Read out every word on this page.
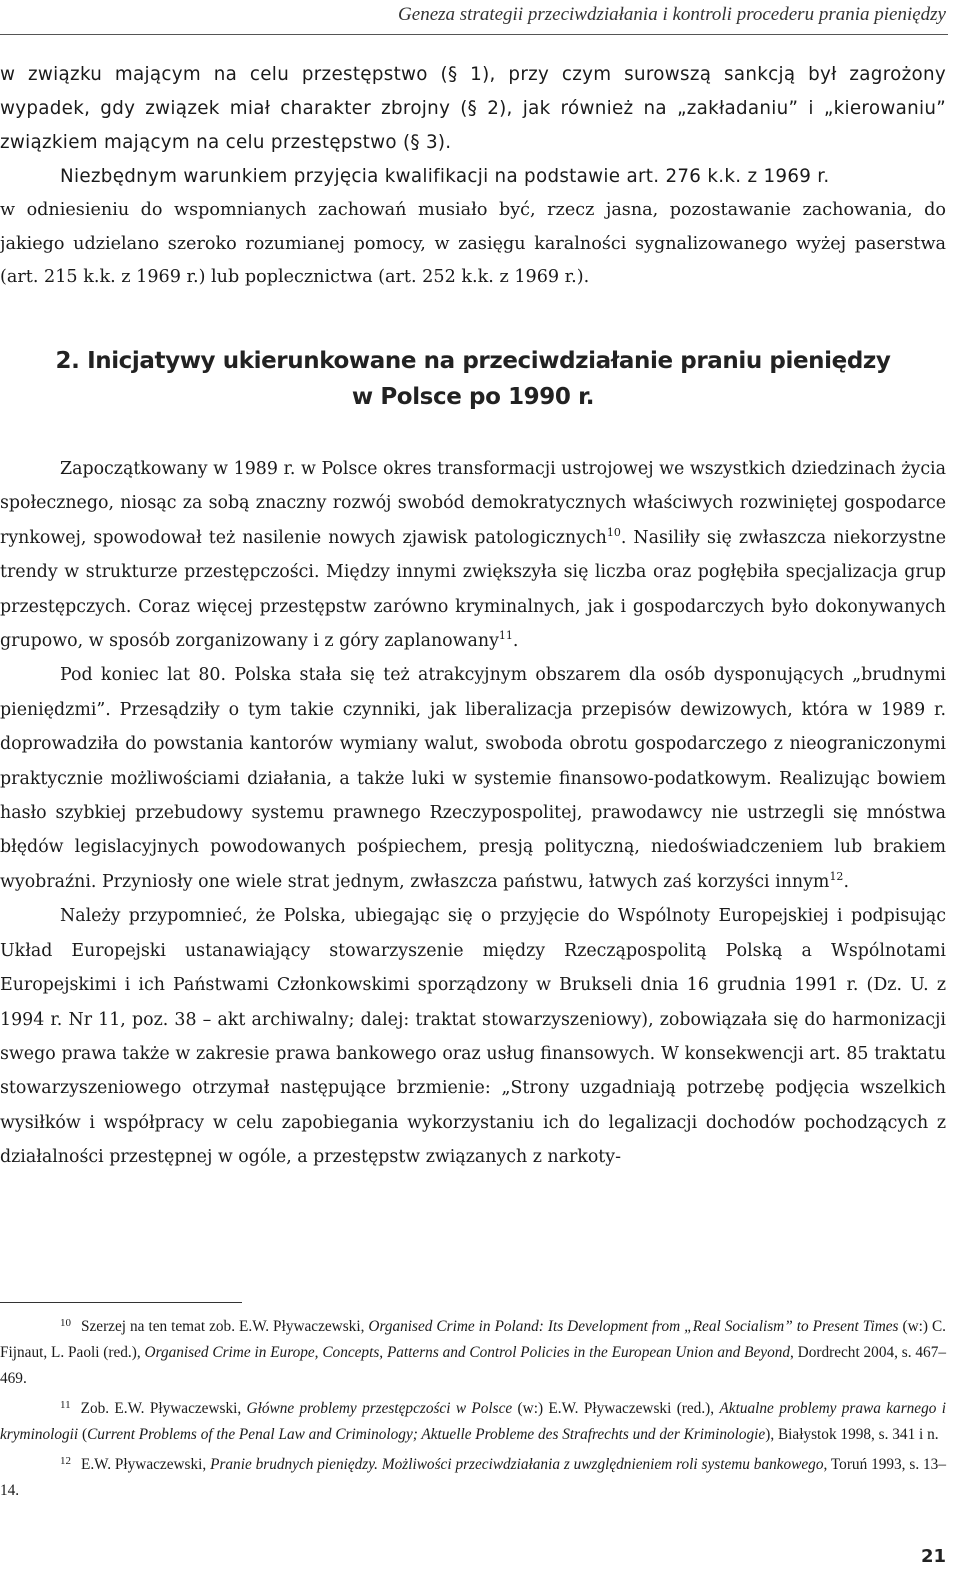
Geneza strategii przeciwdziałania i kontroli procederu prania pieniędzy

w związku mającym na celu przestępstwo (§ 1), przy czym surowszą sankcją był zagrożony wypadek, gdy związek miał charakter zbrojny (§ 2), jak również na „zakładaniu” i „kierowaniu” związkiem mającym na celu przestępstwo (§ 3).

Niezbędnym warunkiem przyjęcia kwalifikacji na podstawie art. 276 k.k. z 1969 r.

w odniesieniu do wspomnianych zachowań musiało być, rzecz jasna, pozostawanie zachowania, do jakiego udzielano szeroko rozumianej pomocy, w zasięgu karalności sygnalizowanego wyżej paserstwa (art. 215 k.k. z 1969 r.) lub poplecznictwa (art. 252 k.k. z 1969 r.).

2. Inicjatywy ukierunkowane na przeciwdziałanie praniu pieniędzy
w Polsce po 1990 r.

Zapoczątkowany w 1989 r. w Polsce okres transformacji ustrojowej we wszystkich dziedzinach życia społecznego, niosąc za sobą znaczny rozwój swobód demokratycznych właściwych rozwiniętej gospodarce rynkowej, spowodował też nasilenie nowych zjawisk patologicznych$^{10}$. Nasiliły się zwłaszcza niekorzystne trendy w strukturze przestępczości. Między innymi zwiększyła się liczba oraz pogłębiła specjalizacja grup przestępczych. Coraz więcej przestępstw zarówno kryminalnych, jak i gospodarczych było dokonywanych grupowo, w sposób zorganizowany i z góry zaplanowany$^{11}$.

Pod koniec lat 80. Polska stała się też atrakcyjnym obszarem dla osób dysponujących „brudnymi pieniędzmi”. Przesądziły o tym takie czynniki, jak liberalizacja przepisów dewizowych, która w 1989 r. doprowadziła do powstania kantorów wymiany walut, swoboda obrotu gospodarczego z nieograniczonymi praktycznie możliwościami działania, a także luki w systemie finansowo-podatkowym. Realizując bowiem hasło szybkiej przebudowy systemu prawnego Rzeczypospolitej, prawodawcy nie ustrzegli się mnóstwa błędów legislacyjnych powodowanych pośpiechem, presją polityczną, niedoświadczeniem lub brakiem wyobraźni. Przyniosły one wiele strat jednym, zwłaszcza państwu, łatwych zaś korzyści innym$^{12}$.

Należy przypomnieć, że Polska, ubiegając się o przyjęcie do Wspólnoty Europejskiej i podpisując Układ Europejski ustanawiający stowarzyszenie między Rzecząpospolitą Polską a Wspólnotami Europejskimi i ich Państwami Członkowskimi sporządzony w Brukseli dnia 16 grudnia 1991 r. (Dz. U. z 1994 r. Nr 11, poz. 38 – akt archiwalny; dalej: traktat stowarzyszeniowy), zobowiązała się do harmonizacji swego prawa także w zakresie prawa bankowego oraz usług finansowych. W konsekwencji art. 85 traktatu stowarzyszeniowego otrzymał następujące brzmienie: „Strony uzgadniają potrzebę podjęcia wszelkich wysiłków i współpracy w celu zapobiegania wykorzystaniu ich do legalizacji dochodów pochodzących z działalności przestępnej w ogóle, a przestępstw związanych z narkoty-

$^{10}$ Szerzej na ten temat zob. E.W. Pływaczewski, Organised Crime in Poland: Its Development from „Real Socialism” to Present Times (w:) C. Fijnaut, L. Paoli (red.), Organised Crime in Europe, Concepts, Patterns and Control Policies in the European Union and Beyond, Dordrecht 2004, s. 467–469.

$^{11}$ Zob. E.W. Pływaczewski, Główne problemy przestępczości w Polsce (w:) E.W. Pływaczewski (red.), Aktualne problemy prawa karnego i kryminologii (Current Problems of the Penal Law and Criminology; Aktuelle Probleme des Strafrechts und der Kriminologie), Białystok 1998, s. 341 i n.

$^{12}$ E.W. Pływaczewski, Pranie brudnych pieniędzy. Możliwości przeciwdziałania z uwzględnieniem roli systemu bankowego, Toruń 1993, s. 13–14.

21
